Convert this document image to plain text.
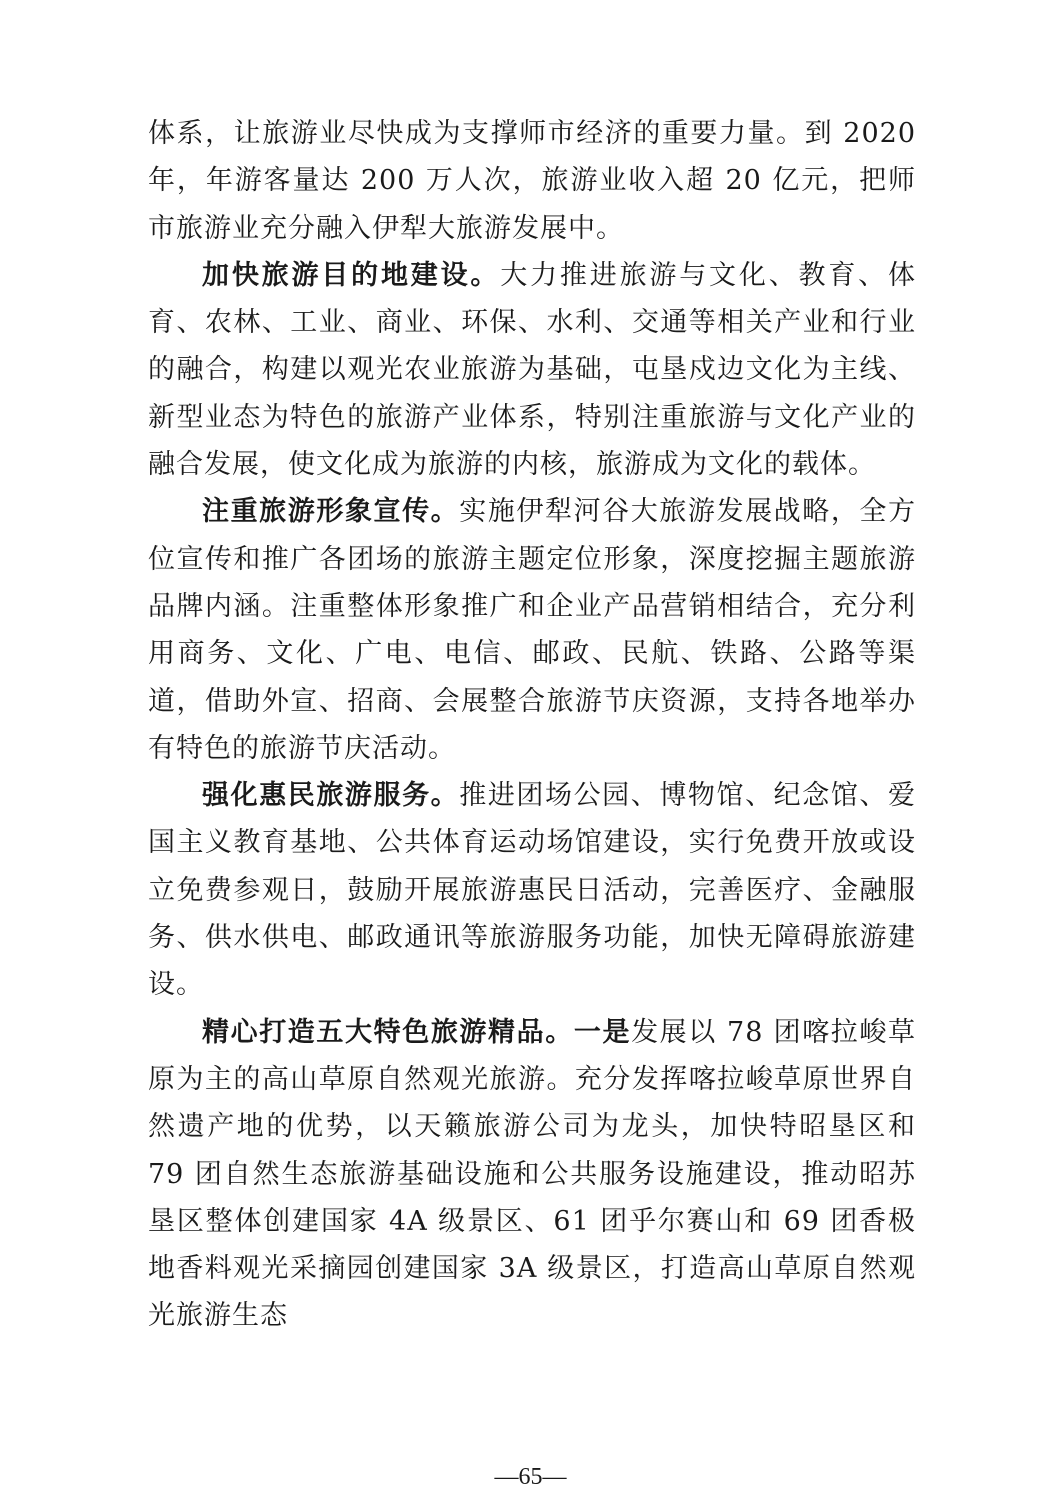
体系，让旅游业尽快成为支撑师市经济的重要力量。到 2020 年，年游客量达 200 万人次，旅游业收入超 20 亿元，把师市旅游业充分融入伊犁大旅游发展中。

加快旅游目的地建设。大力推进旅游与文化、教育、体育、农林、工业、商业、环保、水利、交通等相关产业和行业的融合，构建以观光农业旅游为基础，屯垦戍边文化为主线、新型业态为特色的旅游产业体系，特别注重旅游与文化产业的融合发展，使文化成为旅游的内核，旅游成为文化的载体。

注重旅游形象宣传。实施伊犁河谷大旅游发展战略，全方位宣传和推广各团场的旅游主题定位形象，深度挖掘主题旅游品牌内涵。注重整体形象推广和企业产品营销相结合，充分利用商务、文化、广电、电信、邮政、民航、铁路、公路等渠道，借助外宣、招商、会展整合旅游节庆资源，支持各地举办有特色的旅游节庆活动。

强化惠民旅游服务。推进团场公园、博物馆、纪念馆、爱国主义教育基地、公共体育运动场馆建设，实行免费开放或设立免费参观日，鼓励开展旅游惠民日活动，完善医疗、金融服务、供水供电、邮政通讯等旅游服务功能，加快无障碍旅游建设。

精心打造五大特色旅游精品。一是发展以 78 团喀拉峻草原为主的高山草原自然观光旅游。充分发挥喀拉峻草原世界自然遗产地的优势，以天籁旅游公司为龙头，加快特昭垦区和 79 团自然生态旅游基础设施和公共服务设施建设，推动昭苏垦区整体创建国家 4A 级景区、61 团乎尔赛山和 69 团香极地香料观光采摘园创建国家 3A 级景区，打造高山草原自然观光旅游生态

—65—
